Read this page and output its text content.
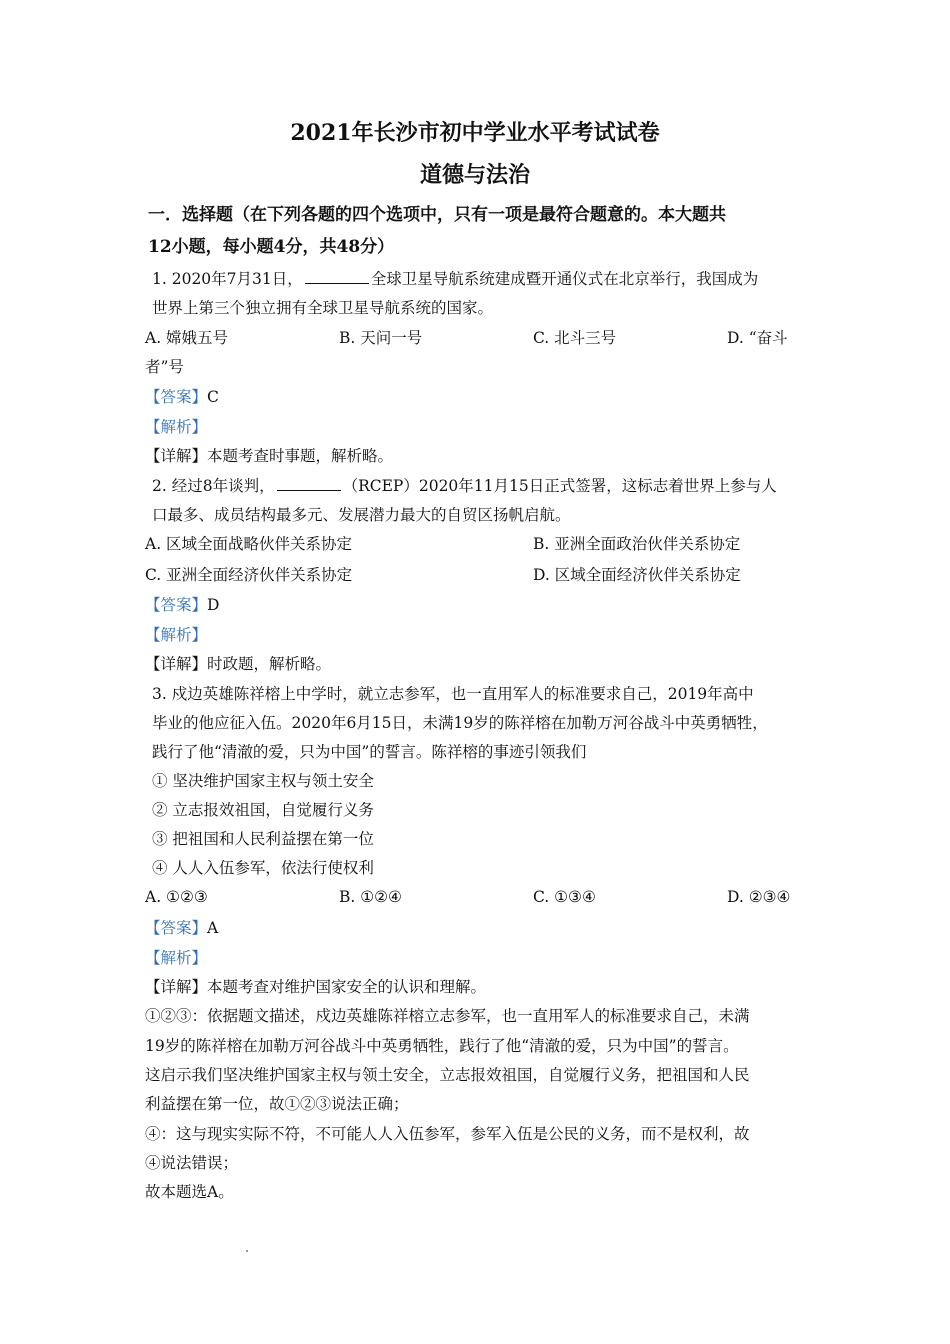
2021年长沙市初中学业水平考试试卷
道德与法治
一．选择题（在下列各题的四个选项中，只有一项是最符合题意的。本大题共
12小题，每小题4分，共48分）
1. 2020年7月31日，	全球卫星导航系统建成暨开通仪式在北京举行，我国成为
世界上第三个独立拥有全球卫星导航系统的国家。
A. 嫦娥五号	B. 天问一号	C. 北斗三号	D. “奋斗
者”号
【答案】C
【解析】
【详解】本题考查时事题，解析略。
2. 经过8年谈判，	（RCEP）2020年11月15日正式签署，这标志着世界上参与人
口最多、成员结构最多元、发展潜力最大的自贸区扬帆启航。
A. 区域全面战略伙伴关系协定	B. 亚洲全面政治伙伴关系协定
C. 亚洲全面经济伙伴关系协定	D. 区域全面经济伙伴关系协定
【答案】D
【解析】
【详解】时政题，解析略。
3. 戍边英雄陈祥榕上中学时，就立志参军，也一直用军人的标准要求自己，2019年高中
毕业的他应征入伍。2020年6月15日，未满19岁的陈祥榕在加勒万河谷战斗中英勇牺牲，
践行了他“清澈的爱，只为中国”的誓言。陈祥榕的事迹引领我们
① 坚决维护国家主权与领土安全
② 立志报效祖国，自觉履行义务
③ 把祖国和人民利益摆在第一位
④ 人人入伍参军，依法行使权利
A. ①②③	B. ①②④	C. ①③④	D. ②③④
【答案】A
【解析】
【详解】本题考查对维护国家安全的认识和理解。
①②③：依据题文描述，戍边英雄陈祥榕立志参军，也一直用军人的标准要求自己，未满
19岁的陈祥榕在加勒万河谷战斗中英勇牺牲，践行了他“清澈的爱，只为中国”的誓言。
这启示我们坚决维护国家主权与领土安全，立志报效祖国，自觉履行义务，把祖国和人民
利益摆在第一位，故①②③说法正确；
④：这与现实实际不符，不可能人人入伍参军，参军入伍是公民的义务，而不是权利，故
④说法错误；
故本题选A。
